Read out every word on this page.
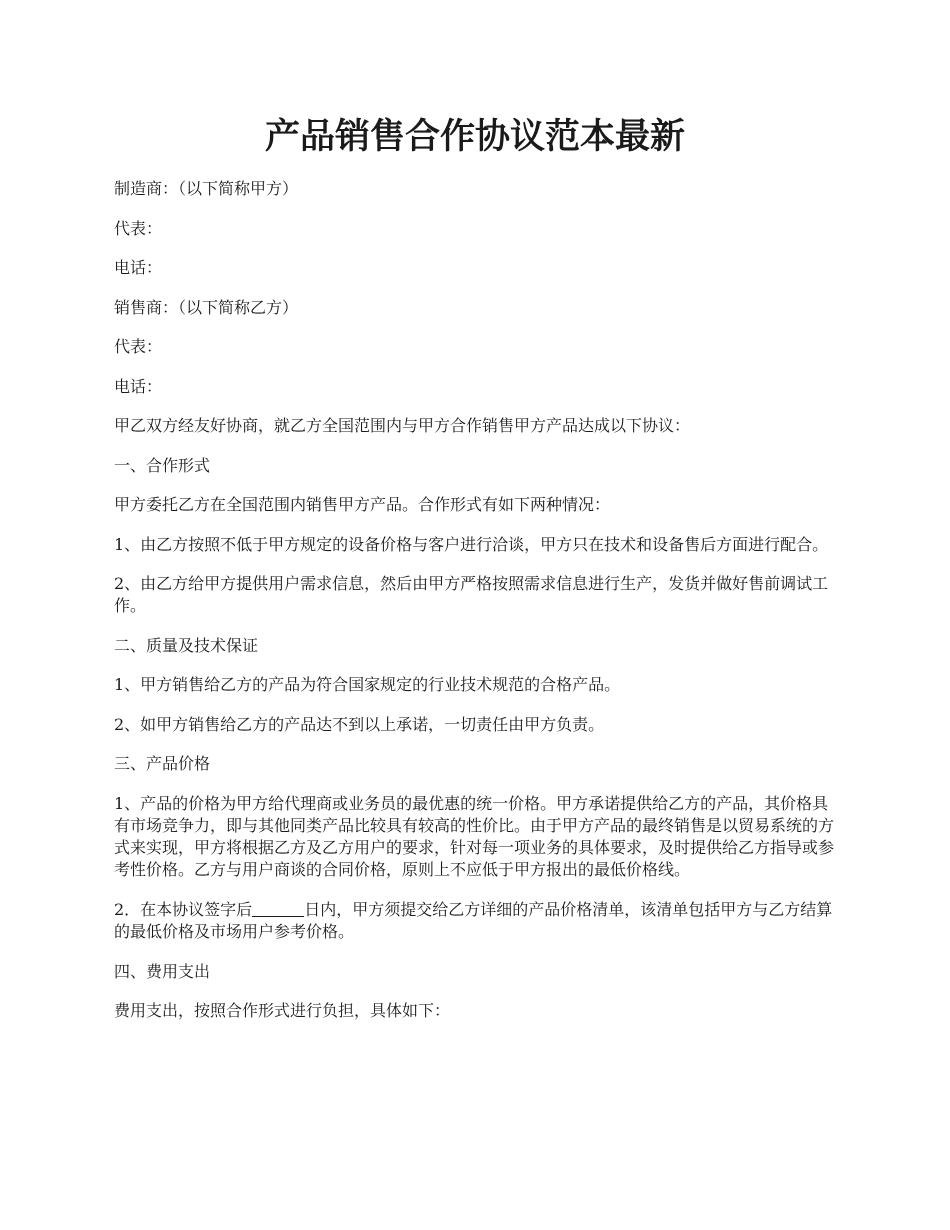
产品销售合作协议范本最新

制造商：（以下简称甲方）

代表：

电话：

销售商：（以下简称乙方）

代表：

电话：

甲乙双方经友好协商，就乙方全国范围内与甲方合作销售甲方产品达成以下协议：

一、合作形式

甲方委托乙方在全国范围内销售甲方产品。合作形式有如下两种情况：

1、由乙方按照不低于甲方规定的设备价格与客户进行洽谈，甲方只在技术和设备售后方面进行配合。

2、由乙方给甲方提供用户需求信息，然后由甲方严格按照需求信息进行生产，发货并做好售前调试工作。

二、质量及技术保证

1、甲方销售给乙方的产品为符合国家规定的行业技术规范的合格产品。

2、如甲方销售给乙方的产品达不到以上承诺，一切责任由甲方负责。

三、产品价格

1、产品的价格为甲方给代理商或业务员的最优惠的统一价格。甲方承诺提供给乙方的产品，其价格具有市场竞争力，即与其他同类产品比较具有较高的性价比。由于甲方产品的最终销售是以贸易系统的方式来实现，甲方将根据乙方及乙方用户的要求，针对每一项业务的具体要求，及时提供给乙方指导或参考性价格。乙方与用户商谈的合同价格，原则上不应低于甲方报出的最低价格线。

2．在本协议签字后	日内，甲方须提交给乙方详细的产品价格清单，该清单包括甲方与乙方结算的最低价格及市场用户参考价格。

四、费用支出

费用支出，按照合作形式进行负担，具体如下：
